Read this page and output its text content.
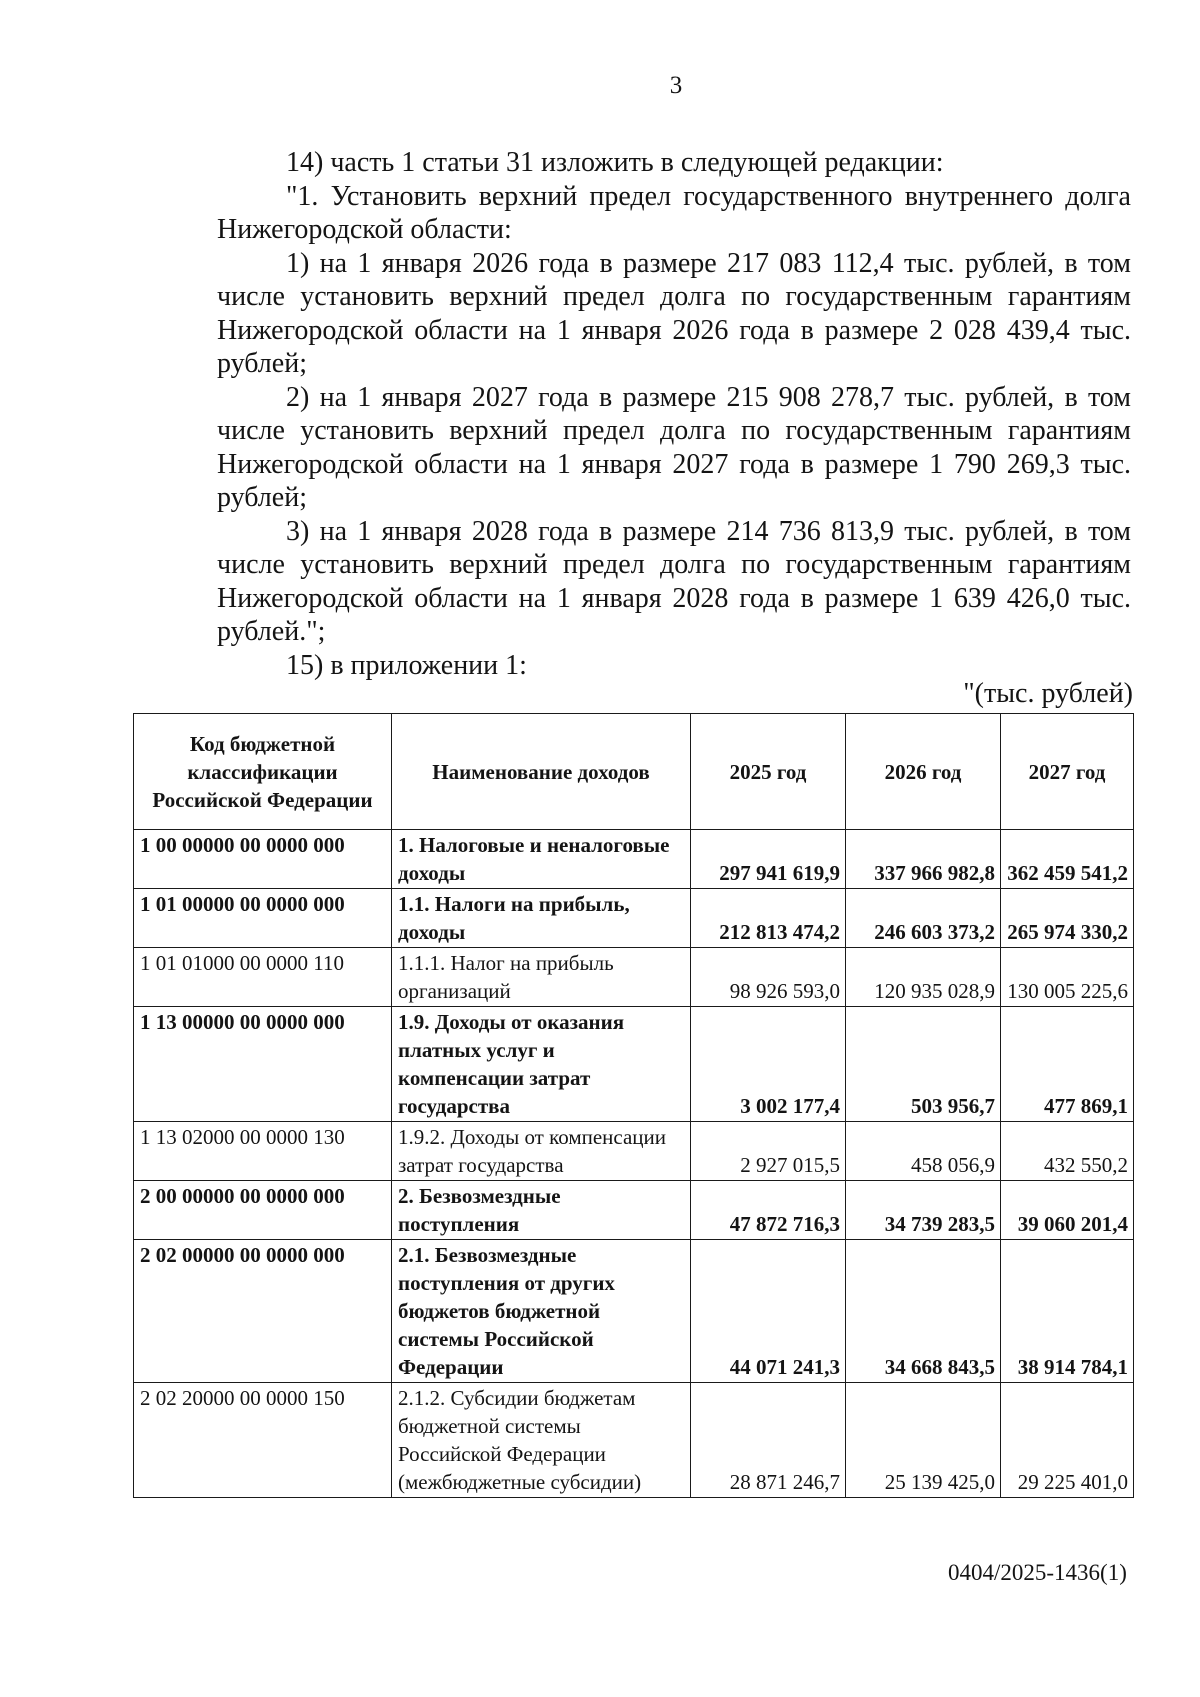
3

14) часть 1 статьи 31 изложить в следующей редакции:

"1. Установить верхний предел государственного внутреннего долга Нижегородской области:

1) на 1 января 2026 года в размере 217 083 112,4 тыс. рублей, в том числе установить верхний предел долга по государственным гарантиям Нижегородской области на 1 января 2026 года в размере 2 028 439,4 тыс. рублей;

2) на 1 января 2027 года в размере 215 908 278,7 тыс. рублей, в том числе установить верхний предел долга по государственным гарантиям Нижегородской области на 1 января 2027 года в размере 1 790 269,3 тыс. рублей;

3) на 1 января 2028 года в размере 214 736 813,9 тыс. рублей, в том числе установить верхний предел долга по государственным гарантиям Нижегородской области на 1 января 2028 года в размере 1 639 426,0 тыс. рублей.";

15) в приложении 1:

"(тыс. рублей)
Код бюджетной классификации Российской Федерации	Наименование доходов	2025 год	2026 год	2027 год
1 00 00000 00 0000 000	1. Налоговые и неналоговые доходы	297 941 619,9	337 966 982,8	362 459 541,2
1 01 00000 00 0000 000	1.1. Налоги на прибыль, доходы	212 813 474,2	246 603 373,2	265 974 330,2
1 01 01000 00 0000 110	1.1.1. Налог на прибыль организаций	98 926 593,0	120 935 028,9	130 005 225,6
1 13 00000 00 0000 000	1.9. Доходы от оказания платных услуг и компенсации затрат государства	3 002 177,4	503 956,7	477 869,1
1 13 02000 00 0000 130	1.9.2. Доходы от компенсации затрат государства	2 927 015,5	458 056,9	432 550,2
2 00 00000 00 0000 000	2. Безвозмездные поступления	47 872 716,3	34 739 283,5	39 060 201,4
2 02 00000 00 0000 000	2.1. Безвозмездные поступления от других бюджетов бюджетной системы Российской Федерации	44 071 241,3	34 668 843,5	38 914 784,1
2 02 20000 00 0000 150	2.1.2. Субсидии бюджетам бюджетной системы Российской Федерации (межбюджетные субсидии)	28 871 246,7	25 139 425,0	29 225 401,0
0404/2025-1436(1)
